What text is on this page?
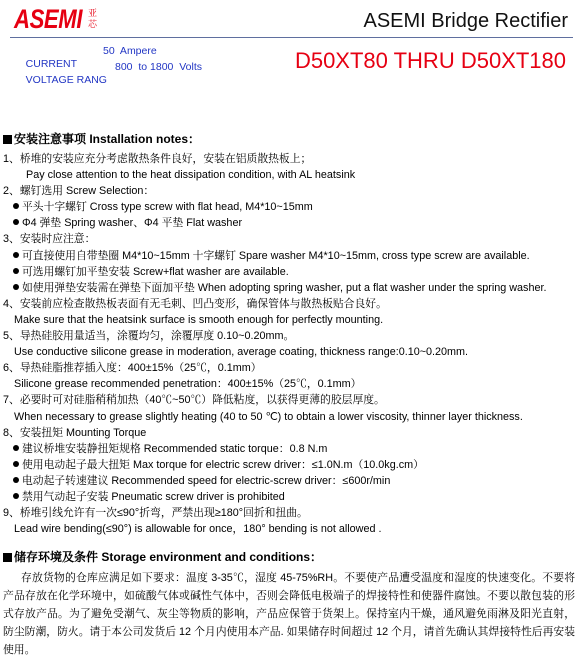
ASEMI 亚
芯	ASEMI Bridge Rectifier

CURRENT

50  Ampere

VOLTAGE RANG

800  to 1800  Volts

	D50XT80 THRU D50XT180
安装注意事项 Installation notes：
1、桥堆的安装应充分考虑散热条件良好，安装在铝质散热板上；
Pay close attention to the heat dissipation condition, with AL heatsink
2、螺钉选用 Screw Selection：
平头十字螺钉 Cross type screw with flat head, M4*10~15mm
Φ4 弹垫 Spring washer、Φ4 平垫 Flat washer
3、安装时应注意：
可直接使用自带垫圈 M4*10~15mm 十字螺钉 Spare washer M4*10~15mm, cross type screw are available.
可选用螺钉加平垫安装 Screw+flat washer are available.
如使用弹垫安装需在弹垫下面加平垫 When adopting spring washer, put a flat washer under the spring washer.
4、安装前应检查散热板表面有无毛刺、凹凸变形，确保管体与散热板贴合良好。
Make sure that the heatsink surface is smooth enough for perfectly mounting.
5、导热硅胶用量适当，涂覆均匀，涂覆厚度 0.10~0.20mm。
Use conductive silicone grease in moderation, average coating, thickness range:0.10~0.20mm.
6、导热硅脂推荐插入度：400±15%（25℃，0.1mm）
Silicone grease recommended penetration：400±15%（25℃，0.1mm）
7、必要时可对硅脂稍稍加热（40℃~50℃）降低粘度，以获得更薄的胶层厚度。
When necessary to grease slightly heating (40 to 50 ℃) to obtain a lower viscosity, thinner layer thickness.
8、安装扭矩 Mounting Torque
建议桥堆安装静扭矩规格 Recommended static torque：0.8 N.m
使用电动起子最大扭矩 Max torque for electric screw driver：≤1.0N.m（10.0kg.cm）
电动起子转速建议 Recommended speed for electric-screw driver：≤600r/min
禁用气动起子安装 Pneumatic screw driver is prohibited
9、桥堆引线允许有一次≤90°折弯，严禁出现≥180°回折和扭曲。
Lead wire bending(≤90°) is allowable for once，180° bending is not allowed .
储存环境及条件 Storage environment and conditions：
存放货物的仓库应满足如下要求：温度 3-35℃，湿度 45-75%RH。不要使产品遭受温度和湿度的快速变化。不要将产品存放在化学环境中，如硫酸气体或碱性气体中，否则会降低电极端子的焊接特性和使器件腐蚀。不要以散包装的形式存放产品。为了避免受潮气、灰尘等物质的影响，产品应保管于货架上。保持室内干燥，通风避免雨淋及阳光直射，防尘防潮，防火。请于本公司发货后 12 个月内使用本产品. 如果储存时间超过 12 个月，请首先确认其焊接特性后再安装使用。
